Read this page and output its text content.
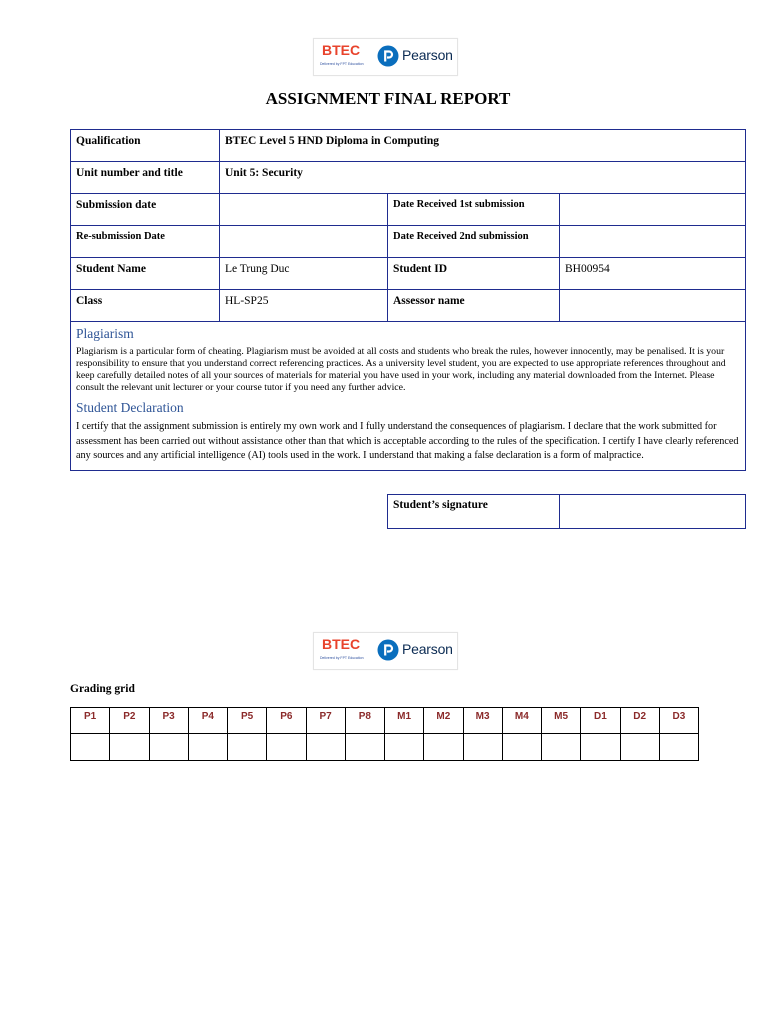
BTEC
Delivered by FPT Education
Pearson
ASSIGNMENT FINAL REPORT
Qualification	BTEC Level 5 HND Diploma in Computing		
Unit number and title	Unit 5: Security		
Submission date		Date Received 1st submission	
Re-submission Date		Date Received 2nd submission	
Student Name	Le Trung Duc	Student ID	BH00954
Class	HL-SP25	Assessor name	

Plagiarism

Plagiarism is a particular form of cheating. Plagiarism must be avoided at all costs and students who break the rules, however innocently, may be penalised. It is your responsibility to ensure that you understand correct referencing practices. As a university level student, you are expected to use appropriate references throughout and keep carefully detailed notes of all your sources of materials for material you have used in your work, including any material downloaded from the Internet. Please consult the relevant unit lecturer or your course tutor if you need any further advice.

Student Declaration

I certify that the assignment submission is entirely my own work and I fully understand the consequences of plagiarism. I declare that the work submitted for assessment has been carried out without assistance other than that which is acceptable according to the rules of the specification. I certify I have clearly referenced any sources and any artificial intelligence (AI) tools used in the work. I understand that making a false declaration is a form of malpractice.			

Student’s signature	
BTEC
Delivered by FPT Education
Pearson
Grading grid
P1	P2	P3	P4	P5	P6	P7	P8	M1	M2	M3	M4	M5	D1	D2	D3
